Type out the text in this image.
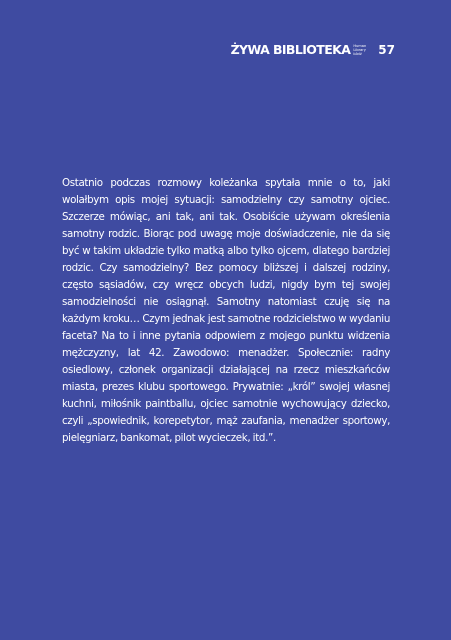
ŻYWA BIBLIOTEKA Human
Library
Łódź	57

Ostatnio podczas rozmowy koleżanka spytała mnie o to, jaki wolałbym opis mojej sytuacji: samodzielny czy samotny ojciec. Szczerze mówiąc, ani tak, ani tak. Osobiście używam określenia samotny rodzic. Biorąc pod uwagę moje doświadczenie, nie da się być w takim układzie tylko matką albo tylko ojcem, dlatego bardziej rodzic. Czy samodzielny? Bez pomocy bliższej i dalszej rodziny, często sąsiadów, czy wręcz obcych ludzi, nigdy bym tej swojej samodzielności nie osiągnął. Samotny natomiast czuję się na każdym kroku… Czym jednak jest samotne rodzicielstwo w wydaniu faceta? Na to i inne pytania odpowiem z mojego punktu widzenia mężczyzny, lat 42. Zawodowo: menadżer. Społecznie: radny osiedlowy, członek organizacji działającej na rzecz mieszkańców miasta, prezes klubu sportowego. Prywatnie: „król” swojej własnej kuchni, miłośnik paintballu, ojciec samotnie wychowujący dziecko, czyli „spowiednik, korepetytor, mąż zaufania, menadżer sportowy, pielęgniarz, bankomat, pilot wycieczek, itd.”.
